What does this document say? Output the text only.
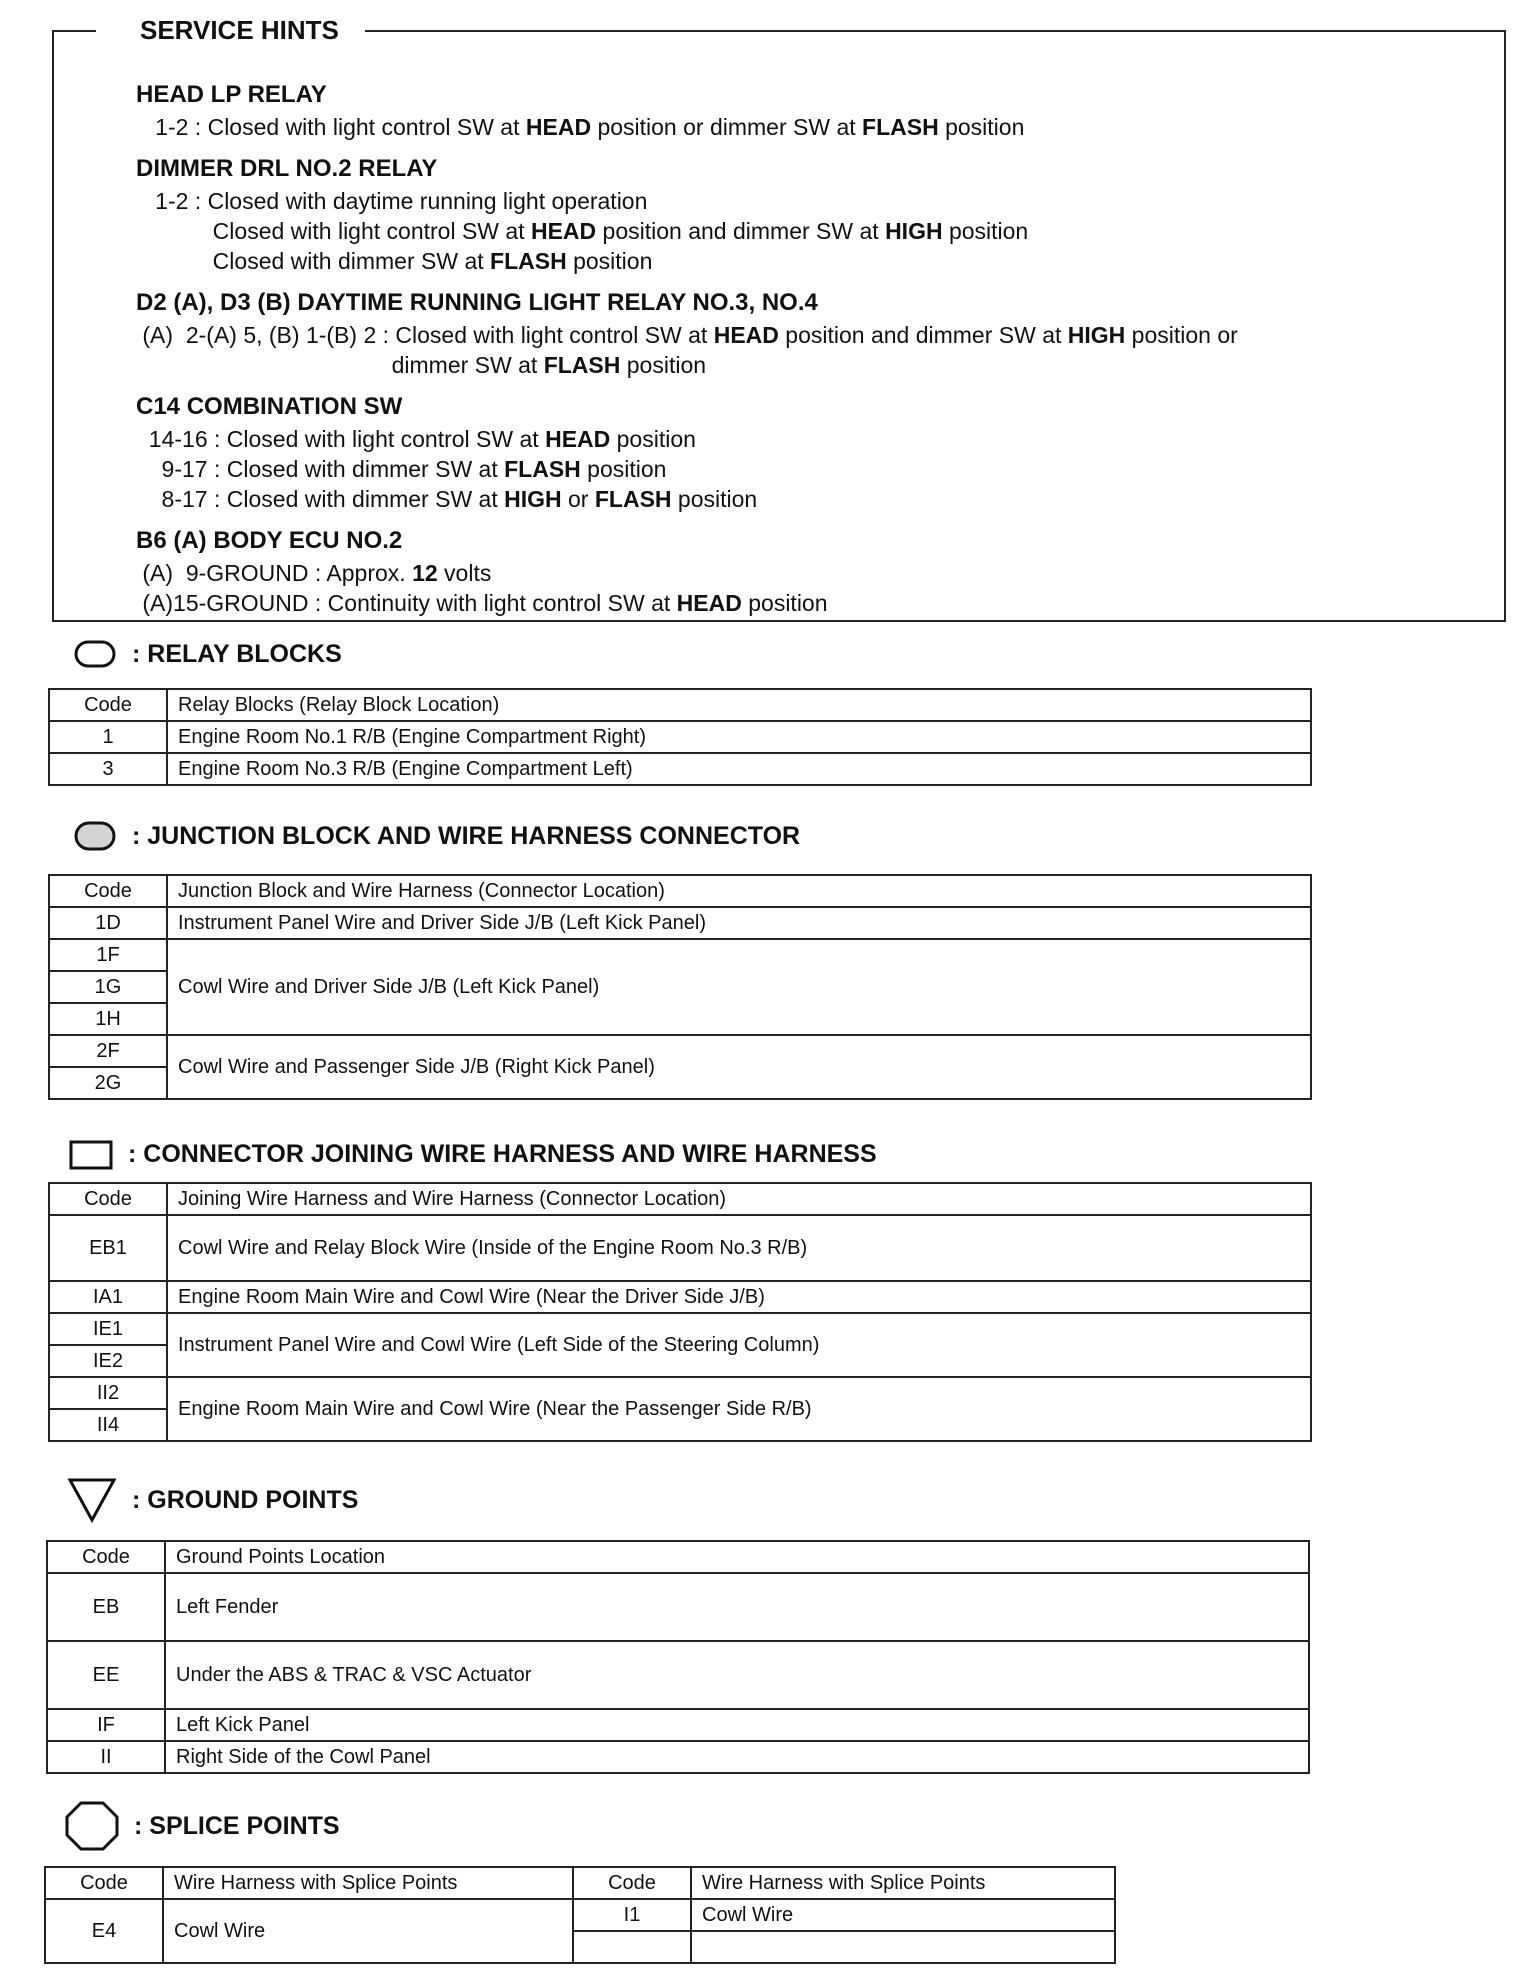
HEAD LP RELAY
1-2 : Closed with light control SW at HEAD position or dimmer SW at FLASH position
DIMMER DRL NO.2 RELAY
1-2 : Closed with daytime running light operation
Closed with light control SW at HEAD position and dimmer SW at HIGH position
Closed with dimmer SW at FLASH position
D2 (A), D3 (B) DAYTIME RUNNING LIGHT RELAY NO.3, NO.4
(A)  2-(A) 5, (B) 1-(B) 2 : Closed with light control SW at HEAD position and dimmer SW at HIGH position or
dimmer SW at FLASH position
C14 COMBINATION SW
14-16 : Closed with light control SW at HEAD position
9-17 : Closed with dimmer SW at FLASH position
8-17 : Closed with dimmer SW at HIGH or FLASH position
B6 (A) BODY ECU NO.2
(A)  9-GROUND : Approx. 12 volts
(A)15-GROUND : Continuity with light control SW at HEAD position
SERVICE HINTS
: RELAY BLOCKS
Code	Relay Blocks (Relay Block Location)
1	Engine Room No.1 R/B (Engine Compartment Right)
3	Engine Room No.3 R/B (Engine Compartment Left)
: JUNCTION BLOCK AND WIRE HARNESS CONNECTOR
Code	Junction Block and Wire Harness (Connector Location)
1D	Instrument Panel Wire and Driver Side J/B (Left Kick Panel)
1F	Cowl Wire and Driver Side J/B (Left Kick Panel)
1G	
1H	
2F	Cowl Wire and Passenger Side J/B (Right Kick Panel)
2G	
: CONNECTOR JOINING WIRE HARNESS AND WIRE HARNESS
Code	Joining Wire Harness and Wire Harness (Connector Location)
EB1	Cowl Wire and Relay Block Wire (Inside of the Engine Room No.3 R/B)
IA1	Engine Room Main Wire and Cowl Wire (Near the Driver Side J/B)
IE1	Instrument Panel Wire and Cowl Wire (Left Side of the Steering Column)
IE2	
II2	Engine Room Main Wire and Cowl Wire (Near the Passenger Side R/B)
II4	
: GROUND POINTS
Code	Ground Points Location
EB	Left Fender
EE	Under the ABS & TRAC & VSC Actuator
IF	Left Kick Panel
II	Right Side of the Cowl Panel
: SPLICE POINTS
Code	Wire Harness with Splice Points	Code	Wire Harness with Splice Points
E4	Cowl Wire	I1	Cowl Wire
